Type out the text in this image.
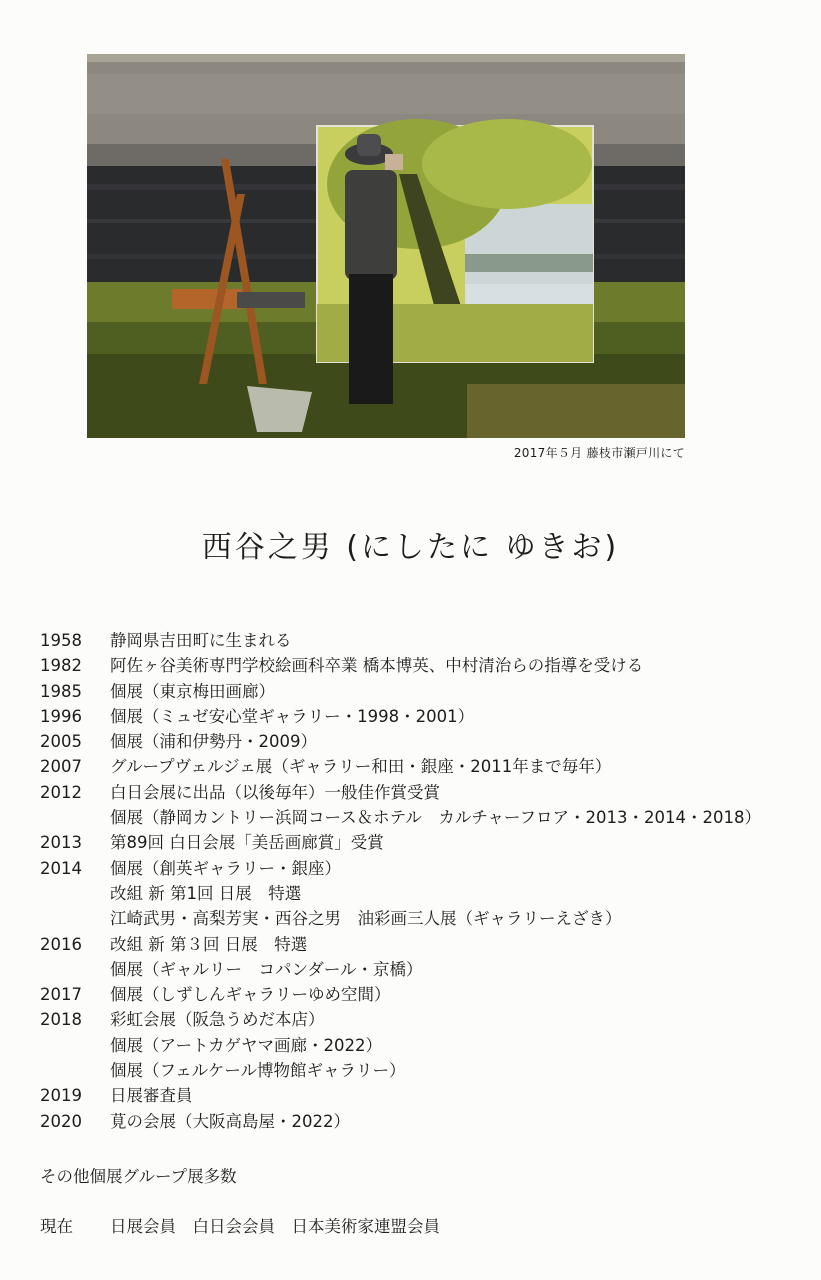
2017年５月 藤枝市瀬戸川にて
西谷之男 (にしたに ゆきお)
1958	静岡県吉田町に生まれる
1982	阿佐ヶ谷美術専門学校絵画科卒業 橋本博英、中村清治らの指導を受ける
1985	個展（東京梅田画廊）
1996	個展（ミュゼ安心堂ギャラリー・1998・2001）
2005	個展（浦和伊勢丹・2009）
2007	グループヴェルジェ展（ギャラリー和田・銀座・2011年まで毎年）
2012	白日会展に出品（以後毎年）一般佳作賞受賞
個展（静岡カントリー浜岡コース＆ホテル　カルチャーフロア・2013・2014・2018）
2013	第89回 白日会展「美岳画廊賞」受賞
2014	個展（創英ギャラリー・銀座）
改組 新 第1回 日展　特選
江崎武男・高梨芳実・西谷之男　油彩画三人展（ギャラリーえざき）
2016	改組 新 第３回 日展　特選
個展（ギャルリー　コパンダール・京橋）
2017	個展（しずしんギャラリーゆめ空間）
2018	彩虹会展（阪急うめだ本店）
個展（アートカゲヤマ画廊・2022）
個展（フェルケール博物館ギャラリー）
2019	日展審査員
2020	莧の会展（大阪高島屋・2022）
その他個展グループ展多数
現在	日展会員　白日会会員　日本美術家連盟会員
